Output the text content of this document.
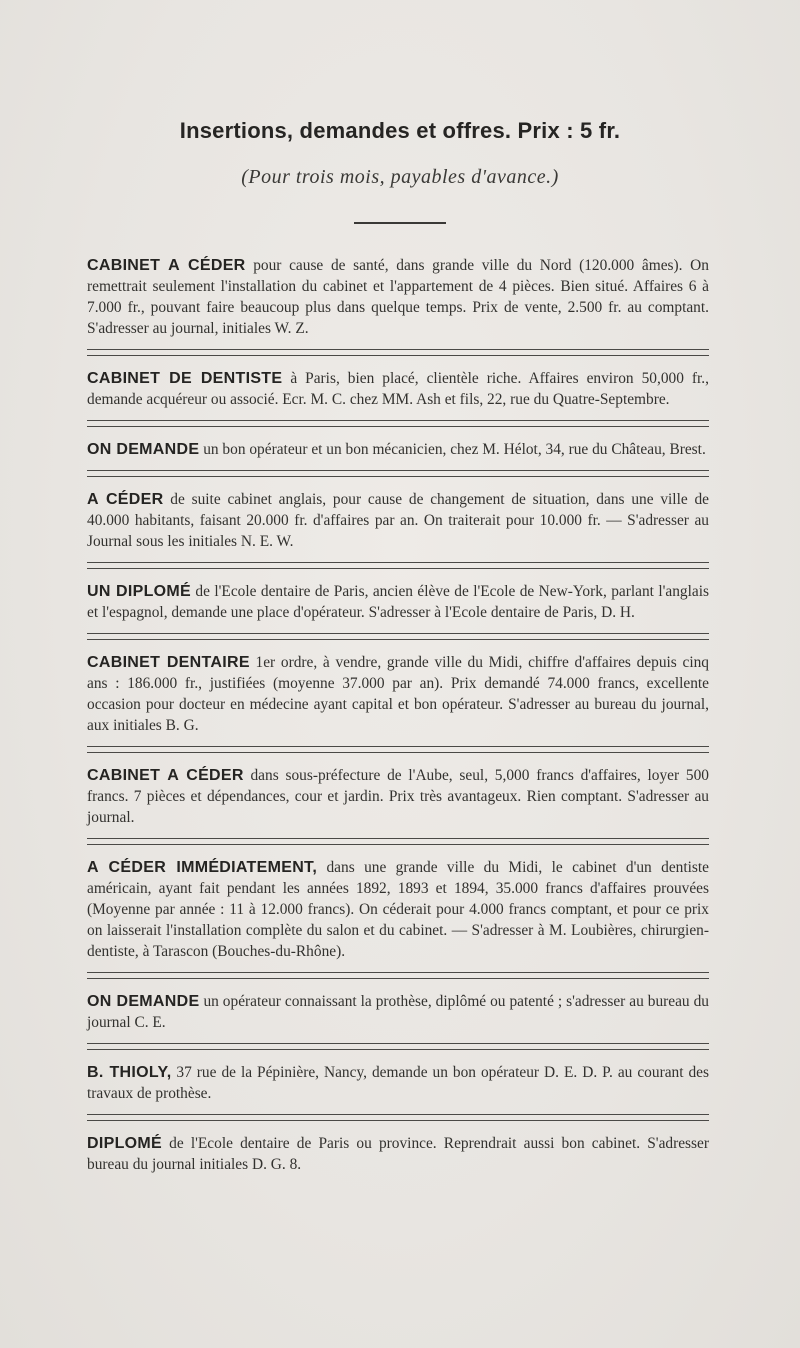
Insertions, demandes et offres. Prix : 5 fr.
(Pour trois mois, payables d'avance.)
CABINET A CÉDER pour cause de santé, dans grande ville du Nord (120.000 âmes). On remettrait seulement l'installation du cabinet et l'appartement de 4 pièces. Bien situé. Affaires 6 à 7.000 fr., pouvant faire beaucoup plus dans quelque temps. Prix de vente, 2.500 fr. au comptant. S'adresser au journal, initiales W. Z.
CABINET DE DENTISTE à Paris, bien placé, clientèle riche. Affaires environ 50,000 fr., demande acquéreur ou associé. Ecr. M. C. chez MM. Ash et fils, 22, rue du Quatre-Septembre.
ON DEMANDE un bon opérateur et un bon mécanicien, chez M. Hélot, 34, rue du Château, Brest.
A CÉDER de suite cabinet anglais, pour cause de changement de situation, dans une ville de 40.000 habitants, faisant 20.000 fr. d'affaires par an. On traiterait pour 10.000 fr. — S'adresser au Journal sous les initiales N. E. W.
UN DIPLOMÉ de l'Ecole dentaire de Paris, ancien élève de l'Ecole de New-York, parlant l'anglais et l'espagnol, demande une place d'opérateur. S'adresser à l'Ecole dentaire de Paris, D. H.
CABINET DENTAIRE 1er ordre, à vendre, grande ville du Midi, chiffre d'affaires depuis cinq ans : 186.000 fr., justifiées (moyenne 37.000 par an). Prix demandé 74.000 francs, excellente occasion pour docteur en médecine ayant capital et bon opérateur. S'adresser au bureau du journal, aux initiales B. G.
CABINET A CÉDER dans sous-préfecture de l'Aube, seul, 5,000 francs d'affaires, loyer 500 francs. 7 pièces et dépendances, cour et jardin. Prix très avantageux. Rien comptant. S'adresser au journal.
A CÉDER IMMÉDIATEMENT, dans une grande ville du Midi, le cabinet d'un dentiste américain, ayant fait pendant les années 1892, 1893 et 1894, 35.000 francs d'affaires prouvées (Moyenne par année : 11 à 12.000 francs). On céderait pour 4.000 francs comptant, et pour ce prix on laisserait l'installation complète du salon et du cabinet. — S'adresser à M. Loubières, chirurgien-dentiste, à Tarascon (Bouches-du-Rhône).
ON DEMANDE un opérateur connaissant la prothèse, diplômé ou patenté ; s'adresser au bureau du journal C. E.
B. THIOLY, 37 rue de la Pépinière, Nancy, demande un bon opérateur D. E. D. P. au courant des travaux de prothèse.
DIPLOMÉ de l'Ecole dentaire de Paris ou province. Reprendrait aussi bon cabinet. S'adresser bureau du journal initiales D. G. 8.
